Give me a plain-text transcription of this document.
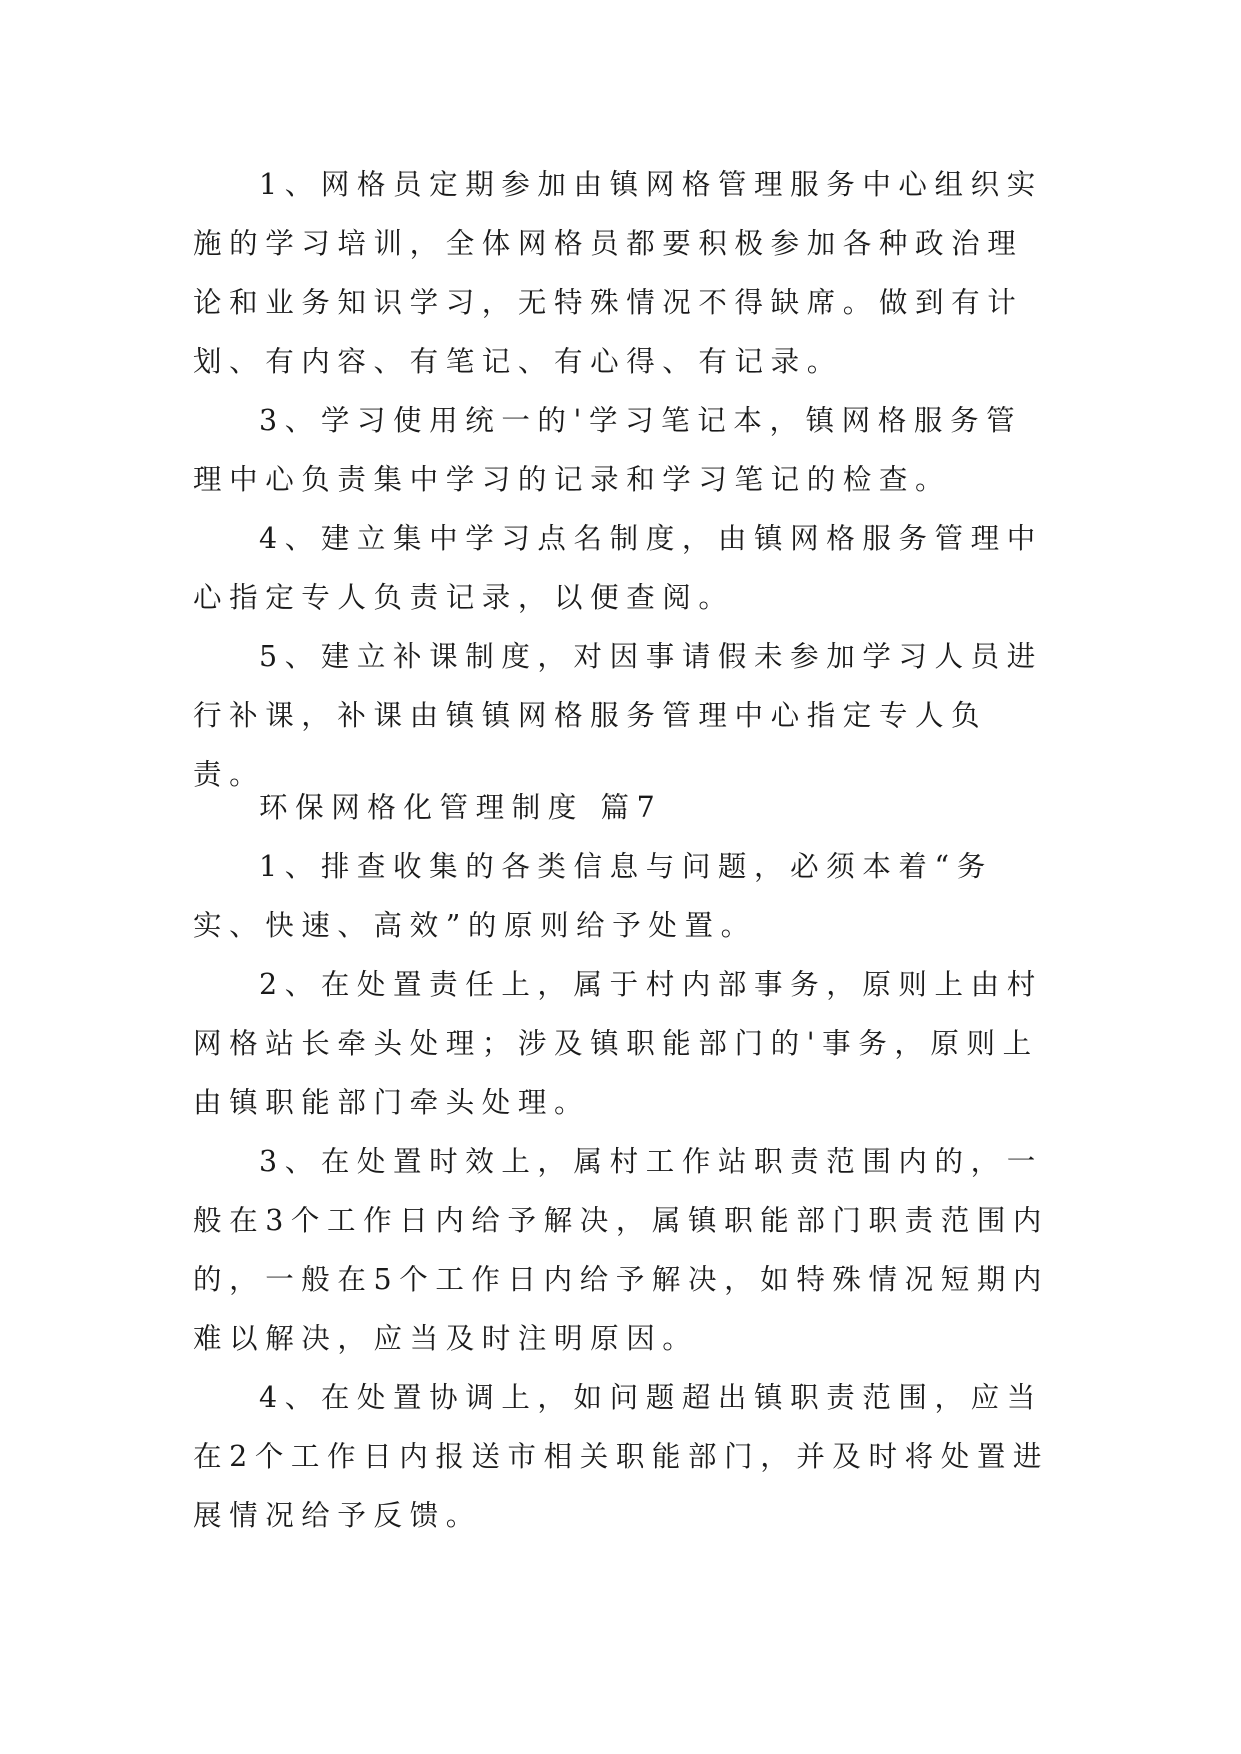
1、网格员定期参加由镇网格管理服务中心组织实施的学习培训，全体网格员都要积极参加各种政治理论和业务知识学习，无特殊情况不得缺席。做到有计划、有内容、有笔记、有心得、有记录。

3、学习使用统一的'学习笔记本，镇网格服务管理中心负责集中学习的记录和学习笔记的检查。

4、建立集中学习点名制度，由镇网格服务管理中心指定专人负责记录，以便查阅。

5、建立补课制度，对因事请假未参加学习人员进行补课，补课由镇镇网格服务管理中心指定专人负责。

环保网格化管理制度 篇7

1、排查收集的各类信息与问题，必须本着“务实、快速、高效”的原则给予处置。

2、在处置责任上，属于村内部事务，原则上由村网格站长牵头处理；涉及镇职能部门的'事务，原则上由镇职能部门牵头处理。

3、在处置时效上，属村工作站职责范围内的，一般在3个工作日内给予解决，属镇职能部门职责范围内的，一般在5个工作日内给予解决，如特殊情况短期内难以解决，应当及时注明原因。

4、在处置协调上，如问题超出镇职责范围，应当在2个工作日内报送市相关职能部门，并及时将处置进展情况给予反馈。
